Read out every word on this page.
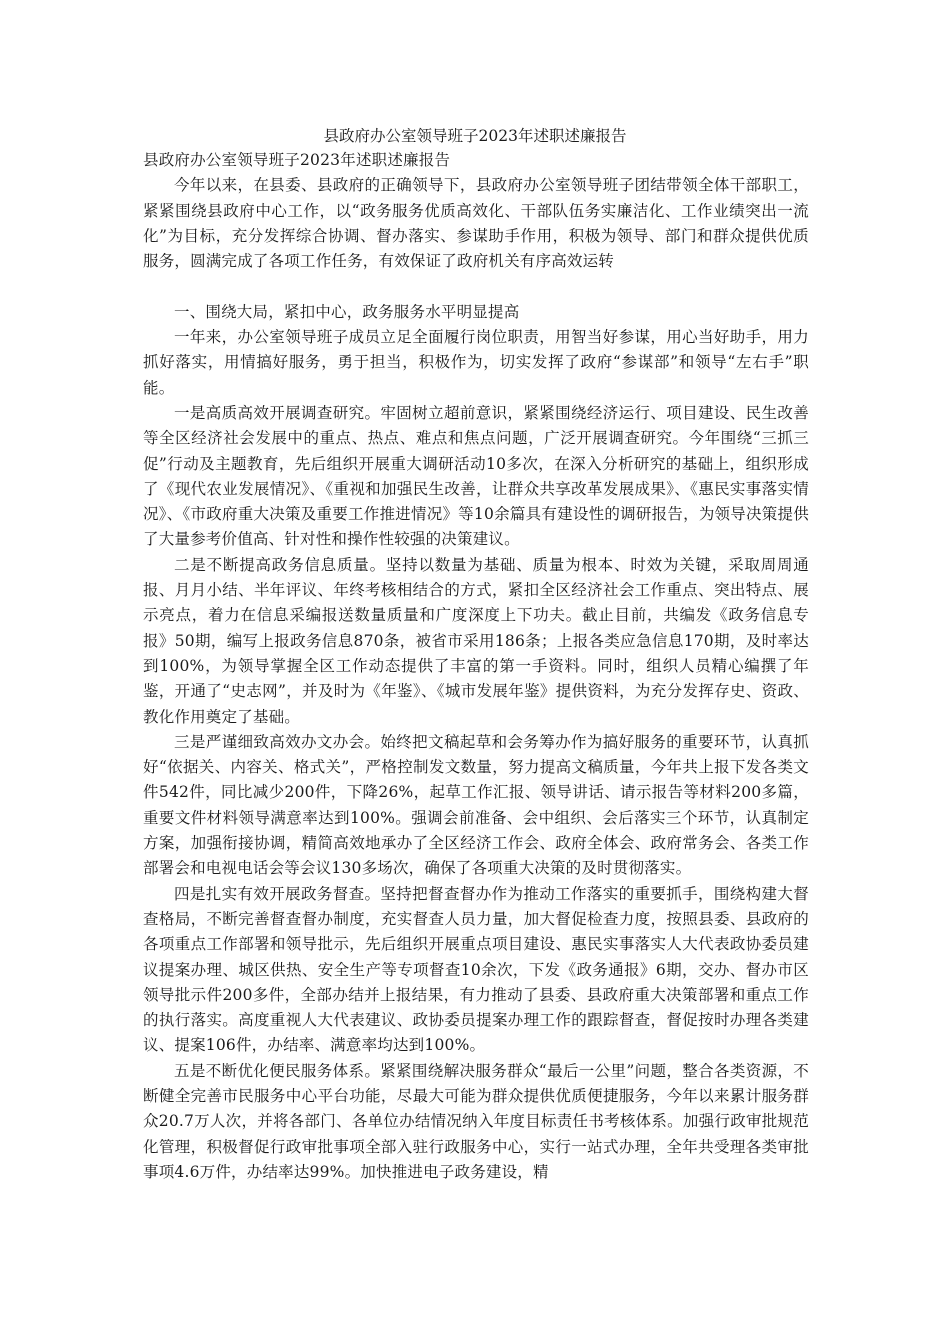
县政府办公室领导班子2023年述职述廉报告

县政府办公室领导班子2023年述职述廉报告

今年以来，在县委、县政府的正确领导下，县政府办公室领导班子团结带领全体干部职工，紧紧围绕县政府中心工作，以“政务服务优质高效化、干部队伍务实廉洁化、工作业绩突出一流化”为目标，充分发挥综合协调、督办落实、参谋助手作用，积极为领导、部门和群众提供优质服务，圆满完成了各项工作任务，有效保证了政府机关有序高效运转

一、围绕大局，紧扣中心，政务服务水平明显提高

一年来，办公室领导班子成员立足全面履行岗位职责，用智当好参谋，用心当好助手，用力抓好落实，用情搞好服务，勇于担当，积极作为，切实发挥了政府“参谋部”和领导“左右手”职能。

一是高质高效开展调查研究。牢固树立超前意识，紧紧围绕经济运行、项目建设、民生改善等全区经济社会发展中的重点、热点、难点和焦点问题，广泛开展调查研究。今年围绕“三抓三促”行动及主题教育，先后组织开展重大调研活动10多次，在深入分析研究的基础上，组织形成了《现代农业发展情况》、《重视和加强民生改善，让群众共享改革发展成果》、《惠民实事落实情况》、《市政府重大决策及重要工作推进情况》等10余篇具有建设性的调研报告，为领导决策提供了大量参考价值高、针对性和操作性较强的决策建议。

二是不断提高政务信息质量。坚持以数量为基础、质量为根本、时效为关键，采取周周通报、月月小结、半年评议、年终考核相结合的方式，紧扣全区经济社会工作重点、突出特点、展示亮点，着力在信息采编报送数量质量和广度深度上下功夫。截止目前，共编发《政务信息专报》50期，编写上报政务信息870条，被省市采用186条；上报各类应急信息170期，及时率达到100%，为领导掌握全区工作动态提供了丰富的第一手资料。同时，组织人员精心编撰了年鉴，开通了“史志网”，并及时为《年鉴》、《城市发展年鉴》提供资料，为充分发挥存史、资政、教化作用奠定了基础。

三是严谨细致高效办文办会。始终把文稿起草和会务筹办作为搞好服务的重要环节，认真抓好“依据关、内容关、格式关”，严格控制发文数量，努力提高文稿质量，今年共上报下发各类文件542件，同比减少200件，下降26%，起草工作汇报、领导讲话、请示报告等材料200多篇，重要文件材料领导满意率达到100%。强调会前准备、会中组织、会后落实三个环节，认真制定方案，加强衔接协调，精简高效地承办了全区经济工作会、政府全体会、政府常务会、各类工作部署会和电视电话会等会议130多场次，确保了各项重大决策的及时贯彻落实。

四是扎实有效开展政务督查。坚持把督查督办作为推动工作落实的重要抓手，围绕构建大督查格局，不断完善督查督办制度，充实督查人员力量，加大督促检查力度，按照县委、县政府的各项重点工作部署和领导批示，先后组织开展重点项目建设、惠民实事落实人大代表政协委员建议提案办理、城区供热、安全生产等专项督查10余次，下发《政务通报》6期，交办、督办市区领导批示件200多件，全部办结并上报结果，有力推动了县委、县政府重大决策部署和重点工作的执行落实。高度重视人大代表建议、政协委员提案办理工作的跟踪督查，督促按时办理各类建议、提案106件，办结率、满意率均达到100%。

五是不断优化便民服务体系。紧紧围绕解决服务群众“最后一公里”问题，整合各类资源，不断健全完善市民服务中心平台功能，尽最大可能为群众提供优质便捷服务，今年以来累计服务群众20.7万人次，并将各部门、各单位办结情况纳入年度目标责任书考核体系。加强行政审批规范化管理，积极督促行政审批事项全部入驻行政服务中心，实行一站式办理，全年共受理各类审批事项4.6万件，办结率达99%。加快推进电子政务建设，精
